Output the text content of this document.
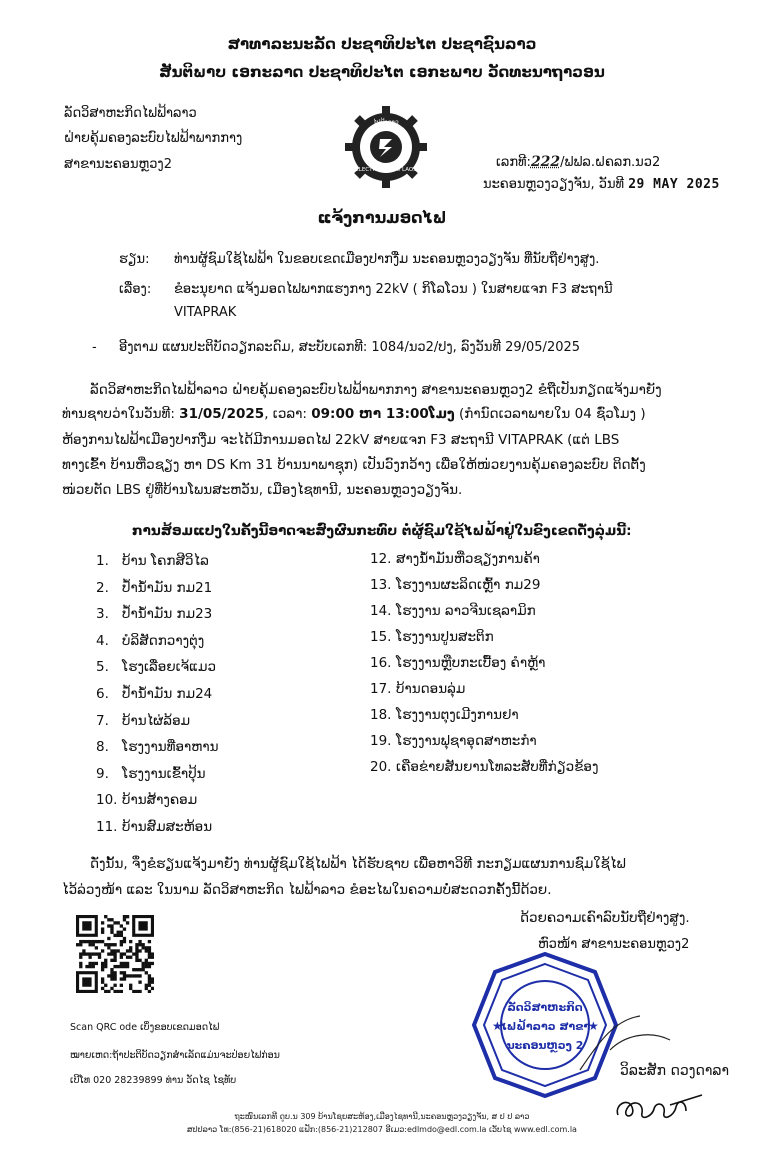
ສາທາລະນະລັດ ປະຊາທິປະໄຕ ປະຊາຊົນລາວ
ສັນຕິພາບ ເອກະລາດ ປະຊາທິປະໄຕ ເອກະພາບ ວັດທະນາຖາວອນ
ລັດວິສາຫະກິດໄຟຟ້າລາວ
ຝ່າຍຄຸ້ມຄອງລະບົບໄຟຟ້າພາກກາງ
ສາຂານະຄອນຫຼວງ2	ELECTRICITE DU LAOS
ໄຟຟ້າລາວ
ເລກທີ:222/ຟຟລ.ຝຄລກ.ນວ2
ນະຄອນຫຼວງວຽງຈັນ, ວັນທີ 29 MAY 2025
ແຈ້ງການມອດໄຟ
ຮຽນ: ທ່ານຜູ້ຊົມໃຊ້ໄຟຟ້າ ໃນຂອບເຂດເມືອງປາກງື່ມ ນະຄອນຫຼວງວຽງຈັນ ທີ່ນັບຖືຢ່າງສູງ.
ເລື່ອງ: ຂໍອະນຸຍາດ ແຈ້ງມອດໄຟພາກແຮງກາງ 22kV ( ກິໂລໂວນ ) ໃນສາຍແຈກ F3 ສະຖານີ
VITAPRAK
- ອີງຕາມ ແຜນປະຕິບັດວຽກລະດົມ, ສະບັບເລກທີ: 1084/ນວ2/ປງ, ລົງວັນທີ 29/05/2025
ລັດວິສາຫະກິດໄຟຟ້າລາວ ຝ່າຍຄຸ້ມຄອງລະບົບໄຟຟ້າພາກກາງ ສາຂານະຄອນຫຼວງ2 ຂໍຖືເປັນກຽດແຈ້ງມາຍັງ
ທ່ານຊາບວ່າໃນວັນທີ: 31/05/2025, ເວລາ: 09:00 ຫາ 13:00ໂມງ (ກຳນົດເວລາພາຍໃນ 04 ຊົ່ວໂມງ )
ຫ້ອງການໄຟຟ້າເມືອງປາກງື່ມ ຈະໄດ້ມີການມອດໄຟ 22kV ສາຍແຈກ F3 ສະຖານີ VITAPRAK (ແຕ່ LBS
ທາງເຂົ້າ ບ້ານຫີ່ວຊຽງ ຫາ DS Km 31 ບ້ານນາພາຊຸກ) ເປັນວົງກວ້າງ ເພື່ອໃຫ້ໜ່ວຍງານຄຸ້ມຄອງລະບົບ ຕິດຕັ້ງ
ໜ່ວຍຕັດ LBS ຢູ່ທີ່ບ້ານໂພນສະຫວັນ, ເມືອງໄຊທານີ, ນະຄອນຫຼວງວຽງຈັນ.
ການສ້ອມແປງໃນຄັ້ງນີ້ອາດຈະສົ່ງຜົນກະທົບ ຕໍ່ຜູ້ຊົມໃຊ້ໄຟຟ້າຢູ່ໃນຂົງເຂດດັ່ງລຸ່ມນີ້:
1. ບ້ານ ໂຄກສີວິໄລ
2. ປໍ້ານໍ້າມັນ ກມ21
3. ປໍ້ານໍ້າມັນ ກມ23
4. ບໍລິສັດກວາງຕຸ່ງ
5. ໂຮງເລື່ອຍເຈ້ແມວ
6. ປໍ້ານໍ້າມັນ ກມ24
7. ບ້ານໄຜ່ລ້ອມ
8. ໂຮງງານທີ່ອາຫານ
9. ໂຮງງານເຂົ້າປຸ້ນ
10. ບ້ານສ້າງຄອມ
11. ບ້ານສົມສະຫ້ອນ
12. ສາງນໍ້າມັນຫີ່ວຊຽງການຄ້າ
13. ໂຮງງານຜະລິດເຫຼົ້າ ກມ29
14. ໂຮງງານ ລາວຈີນເຊລາມິກ
15. ໂຮງງານປູນສະຕິກ
16. ໂຮງງານຫຼືບກະເບື້ອງ ຄຳຫຼ້າ
17. ບ້ານດອນລຸ່ມ
18. ໂຮງງານຕຸງເມີງການຢາ
19. ໂຮງງານຟຸຊາອຸດສາຫະກຳ
20. ເຄືອຂ່າຍສັນຍານໂທລະສັບທີ່ກ່ຽວຂ້ອງ
ດັ່ງນັ້ນ, ຈຶ່ງຂໍຮຽນແຈ້ງມາຍັງ ທ່ານຜູ້ຊົມໃຊ້ໄຟຟ້າ ໄດ້ຮັບຊາບ ເພື່ອຫາວິທີ ກະກຽມແຜນການຊົມໃຊ້ໄຟ
ໄວ້ລ່ວງໜ້າ ແລະ ໃນນາມ ລັດວິສາຫະກິດ ໄຟຟ້າລາວ ຂໍອະໄພໃນຄວາມບໍ່ສະດວກຄັ້ງນີ້ດ້ວຍ.
ດ້ວຍຄວາມເຄົາລົບນັບຖືຢ່າງສູງ.
Scan QRC ode ເບິ່ງຂອບເຂດມອດໄຟ
ໝາຍເຫດ:ຖ້າປະຕິບັດວຽກສຳເລັດແມ່ນຈະປ່ອຍໄຟກ່ອນ
ເບີໂທ 020 28239899 ທ່ານ ວັດໄຊ ໄຊທັບ
ຫົວໜ້າ ສາຂານະຄອນຫຼວງ2
★	★
ລັດວິສາຫະກິດ
ໄຟຟ້າລາວ ສາຂາ
ນະຄອນຫຼວງ 2
ວິລະສັກ ດວງດາລາ
ຖະໜົນເລກທີ ດູບ.ນ 309 ບ້ານໂຊຍສະຫ້ອງ,ເມືອງໄຊທານີ,ນະຄອນຫຼວງວຽງຈັນ, ສ ປ ປ ລາວ
ສປປລາວ ໂທ:(856-21)618020 ແຟັກ:(856-21)212807 ອີເມວ:edlmdo@edl.com.la ເວັບໄຊ www.edl.com.la
